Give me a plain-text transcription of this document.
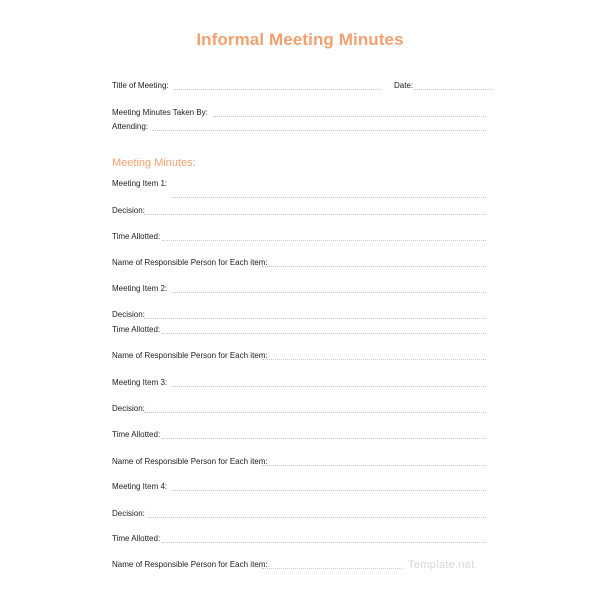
Informal Meeting Minutes
Title of Meeting:	Date:
Meeting Minutes Taken By:
Attending:
Meeting Minutes:
Meeting Item 1:
Decision:
Time Allotted:
Name of Responsible Person for Each item:
Meeting Item 2:
Decision:
Time Allotted:
Name of Responsible Person for Each item:
Meeting Item 3:
Decision:
Time Allotted:
Name of Responsible Person for Each item:
Meeting Item 4:
Decision:
Time Allotted:
Name of Responsible Person for Each item:	Template.net
